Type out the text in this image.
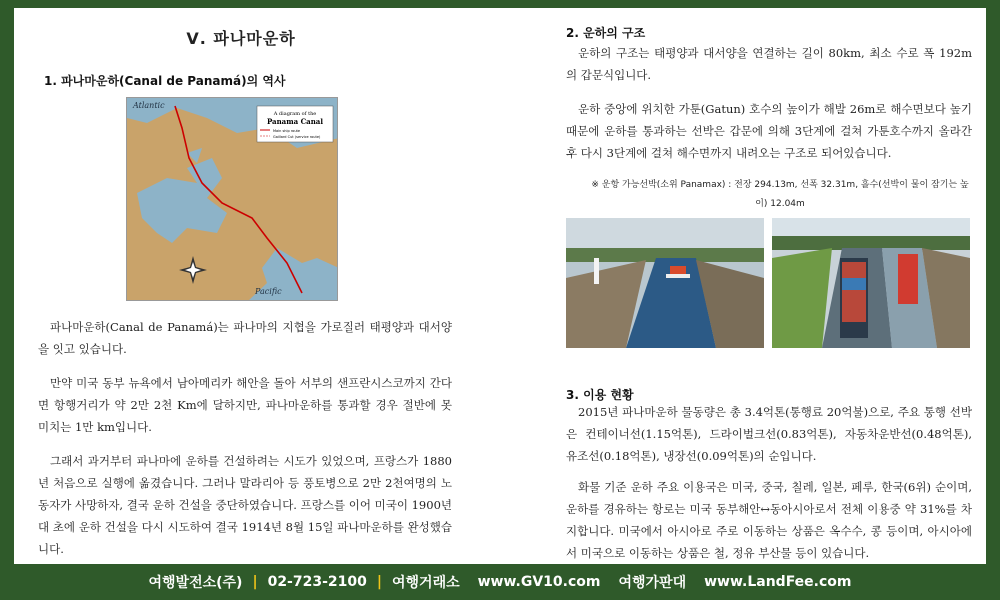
Ⅴ. 파나마운하
1. 파나마운하(Canal de Panamá)의 역사
A diagram of the
Panama Canal
Main ship route
Gaillard Cut (service route)
Atlantic
Pacific

파나마운하(Canal de Panamá)는 파나마의 지협을 가로질러 태평양과 대서양을 잇고 있습니다.

만약 미국 동부 뉴욕에서 남아메리카 해안을 돌아 서부의 샌프란시스코까지 간다면 항행거리가 약 2만 2천 Km에 달하지만, 파나마운하를 통과할 경우 절반에 못 미치는 1만 km입니다.

그래서 과거부터 파나마에 운하를 건설하려는 시도가 있었으며, 프랑스가 1880년 처음으로 실행에 옮겼습니다. 그러나 말라리아 등 풍토병으로 2만 2천여명의 노동자가 사망하자, 결국 운하 건설을 중단하였습니다. 프랑스를 이어 미국이 1900년대 초에 운하 건설을 다시 시도하여 결국 1914년 8월 15일 파나마운하를 완성했습니다.

2. 운하의 구조

운하의 구조는 태평양과 대서양을 연결하는 길이 80km, 최소 수로 폭 192m의 갑문식입니다.

운하 중앙에 위치한 가툰(Gatun) 호수의 높이가 해발 26m로 해수면보다 높기 때문에 운하를 통과하는 선박은 갑문에 의해 3단계에 걸쳐 가툰호수까지 올라간 후 다시 3단계에 걸쳐 해수면까지 내려오는 구조로 되어있습니다.

※ 운항 가능선박(소위 Panamax) : 전장 294.13m, 선폭 32.31m, 흘수(선박이 물이 잠기는 높이) 12.04m
3. 이용 현황

2015년 파나마운하 물동량은 총 3.4억톤(통행료 20억불)으로, 주요 통행 선박은 컨테이너선(1.15억톤), 드라이벌크선(0.83억톤), 자동차운반선(0.48억톤), 유조선(0.18억톤), 냉장선(0.09억톤)의 순입니다.

화물 기준 운하 주요 이용국은 미국, 중국, 칠레, 일본, 페루, 한국(6위) 순이며, 운하를 경유하는 항로는 미국 동부해안↔동아시아로서 전체 이용중 약 31%를 차지합니다. 미국에서 아시아로 주로 이동하는 상품은 옥수수, 콩 등이며, 아시아에서 미국으로 이동하는 상품은 철, 정유 부산물 등이 있습니다.

여행발전소(주) | 02-723-2100 | 여행거래소 www.GV10.com 여행가판대 www.LandFee.com
